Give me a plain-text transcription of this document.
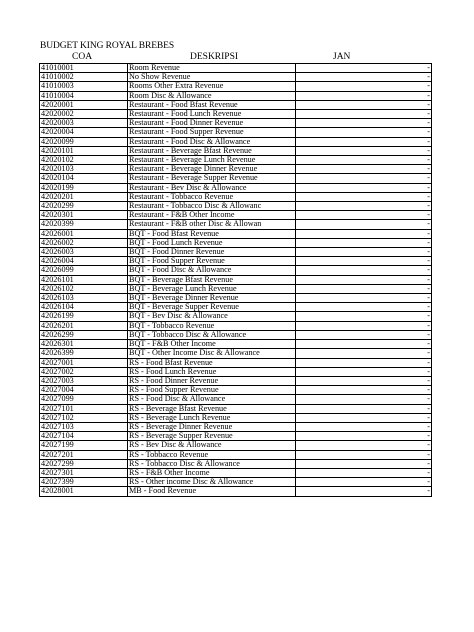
BUDGET KING ROYAL BREBES
COA	DESKRIPSI	JAN
41010001	Room Revenue	-
41010002	No Show Revenue	-
41010003	Rooms Other Extra Revenue	-
41010004	Room Disc & Allowance	-
42020001	Restaurant - Food Bfast Revenue	-
42020002	Restaurant - Food Lunch Revenue	-
42020003	Restaurant - Food Dinner Revenue	-
42020004	Restaurant - Food Supper Revenue	-
42020099	Restaurant - Food Disc & Allowance	-
42020101	Restaurant - Beverage Bfast Revenue	-
42020102	Restaurant - Beverage Lunch Revenue	-
42020103	Restaurant - Beverage Dinner Revenue	-
42020104	Restaurant - Beverage Supper Revenue	-
42020199	Restaurant - Bev Disc & Allowance	-
42020201	Restaurant - Tobbacco Revenue	-
42020299	Restaurant - Tobbacco Disc & Allowanc	-
42020301	Restaurant - F&B Other Income	-
42020399	Restaurant - F&B other Disc & Allowan	-
42026001	BQT - Food Bfast Revenue	-
42026002	BQT - Food Lunch Revenue	-
42026003	BQT - Food Dinner Revenue	-
42026004	BQT - Food Supper Revenue	-
42026099	BQT - Food Disc & Allowance	-
42026101	BQT - Beverage Bfast Revenue	-
42026102	BQT - Beverage Lunch Revenue	-
42026103	BQT - Beverage Dinner Revenue	-
42026104	BQT - Beverage Supper Revenue	-
42026199	BQT - Bev Disc & Allowance	-
42026201	BQT - Tobbacco Revenue	-
42026299	BQT - Tobbacco Disc & Allowance	-
42026301	BQT - F&B Other Income	-
42026399	BQT - Other Income Disc & Allowance	-
42027001	RS - Food Bfast Revenue	-
42027002	RS - Food Lunch Revenue	-
42027003	RS - Food Dinner Revenue	-
42027004	RS - Food Supper Revenue	-
42027099	RS - Food Disc & Allowance	-
42027101	RS - Beverage Bfast Revenue	-
42027102	RS - Beverage Lunch Revenue	-
42027103	RS - Beverage Dinner Revenue	-
42027104	RS - Beverage Supper Revenue	-
42027199	RS - Bev Disc & Allowance	-
42027201	RS - Tobbacco Revenue	-
42027299	RS - Tobbacco Disc & Allowance	-
42027301	RS - F&B Other Income	-
42027399	RS - Other income Disc & Allowance	-
42028001	MB - Food Revenue	-
